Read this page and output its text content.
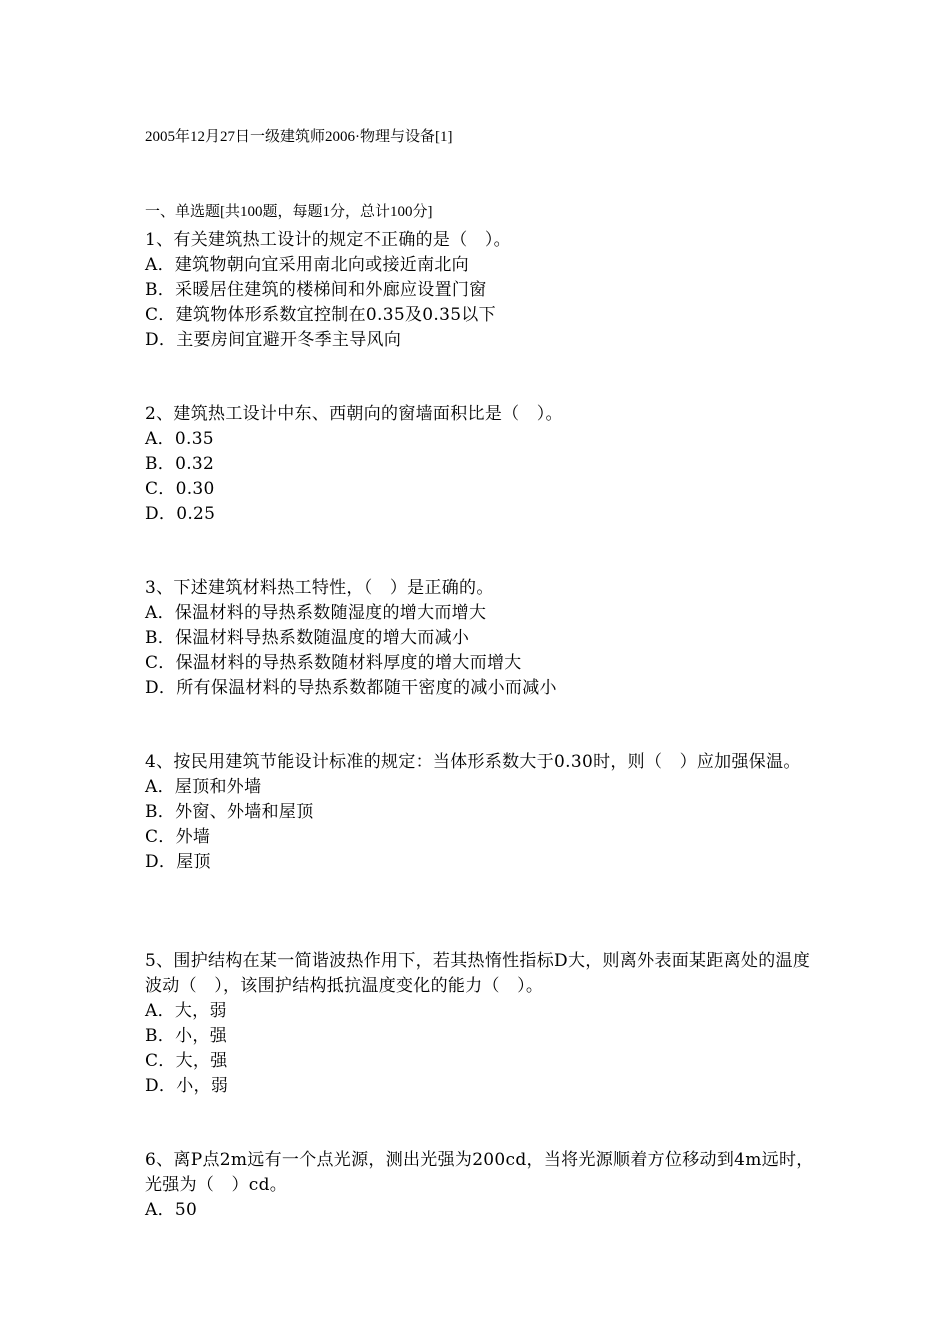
2005年12月27日一级建筑师2006·物理与设备[1]
一、单选题[共100题，每题1分，总计100分]

1、有关建筑热工设计的规定不正确的是（　）。

A．建筑物朝向宜采用南北向或接近南北向

B．采暖居住建筑的楼梯间和外廊应设置门窗

C．建筑物体形系数宜控制在0.35及0.35以下

D．主要房间宜避开冬季主导风向

2、建筑热工设计中东、西朝向的窗墙面积比是（　）。

A．0.35

B．0.32

C．0.30

D．0.25

3、下述建筑材料热工特性，（　）是正确的。

A．保温材料的导热系数随湿度的增大而增大

B．保温材料导热系数随温度的增大而减小

C．保温材料的导热系数随材料厚度的增大而增大

D．所有保温材料的导热系数都随干密度的减小而减小

4、按民用建筑节能设计标准的规定：当体形系数大于0.30时，则（　）应加强保温。

A．屋顶和外墙

B．外窗、外墙和屋顶

C．外墙

D．屋顶

5、围护结构在某一简谐波热作用下，若其热惰性指标D大，则离外表面某距离处的温度波动（　），该围护结构抵抗温度变化的能力（　）。

A．大，弱

B．小，强

C．大，强

D．小，弱

6、离P点2m远有一个点光源，测出光强为200cd，当将光源顺着方位移动到4m远时，光强为（　）cd。

A．50
